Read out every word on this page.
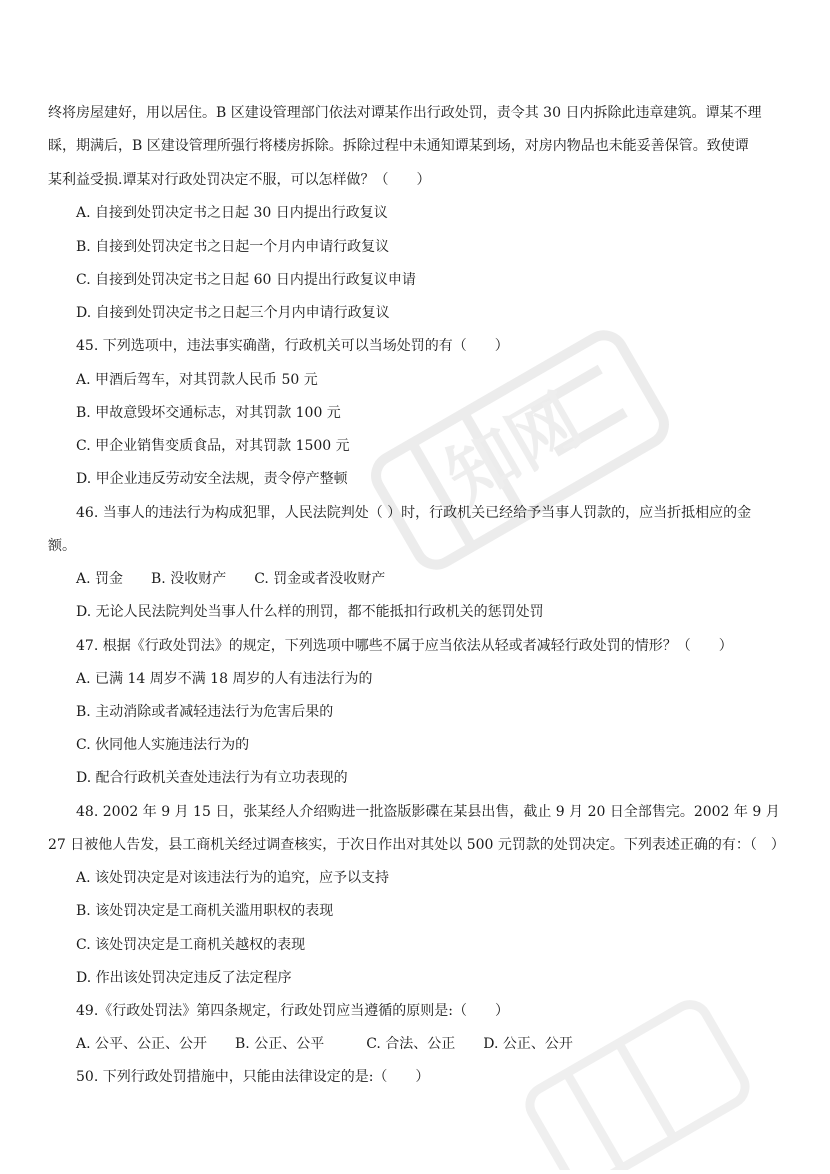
知网
终将房屋建好，用以居住。B 区建设管理部门依法对谭某作出行政处罚，责令其 30 日内拆除此违章建筑。谭某不理
睬，期满后，B 区建设管理所强行将楼房拆除。拆除过程中未通知谭某到场，对房内物品也未能妥善保管。致使谭
某利益受损.谭某对行政处罚决定不服，可以怎样做？（　　）
A. 自接到处罚决定书之日起 30 日内提出行政复议
B. 自接到处罚决定书之日起一个月内申请行政复议
C. 自接到处罚决定书之日起 60 日内提出行政复议申请
D. 自接到处罚决定书之日起三个月内申请行政复议
45. 下列选项中，违法事实确凿，行政机关可以当场处罚的有（　　）
A. 甲酒后驾车，对其罚款人民币 50 元
B. 甲故意毁坏交通标志，对其罚款 100 元
C. 甲企业销售变质食品，对其罚款 1500 元
D. 甲企业违反劳动安全法规，责令停产整顿
46. 当事人的违法行为构成犯罪，人民法院判处（ ）时，行政机关已经给予当事人罚款的，应当折抵相应的金
额。
A. 罚金　　B. 没收财产　　C. 罚金或者没收财产
D. 无论人民法院判处当事人什么样的刑罚，都不能抵扣行政机关的惩罚处罚
47. 根据《行政处罚法》的规定，下列选项中哪些不属于应当依法从轻或者减轻行政处罚的情形？（　　）
A. 已满 14 周岁不满 18 周岁的人有违法行为的
B. 主动消除或者减轻违法行为危害后果的
C. 伙同他人实施违法行为的
D. 配合行政机关查处违法行为有立功表现的
48. 2002 年 9 月 15 日，张某经人介绍购进一批盗版影碟在某县出售，截止 9 月 20 日全部售完。2002 年 9 月
27 日被他人告发，县工商机关经过调查核实，于次日作出对其处以 500 元罚款的处罚决定。下列表述正确的有：（　）
A. 该处罚决定是对该违法行为的追究，应予以支持
B. 该处罚决定是工商机关滥用职权的表现
C. 该处罚决定是工商机关越权的表现
D. 作出该处罚决定违反了法定程序
49.《行政处罚法》第四条规定，行政处罚应当遵循的原则是:（　　）
A. 公平、公正、公开　　B. 公正、公平　　　C. 合法、公正　　D. 公正、公开
50. 下列行政处罚措施中，只能由法律设定的是:（　　）
